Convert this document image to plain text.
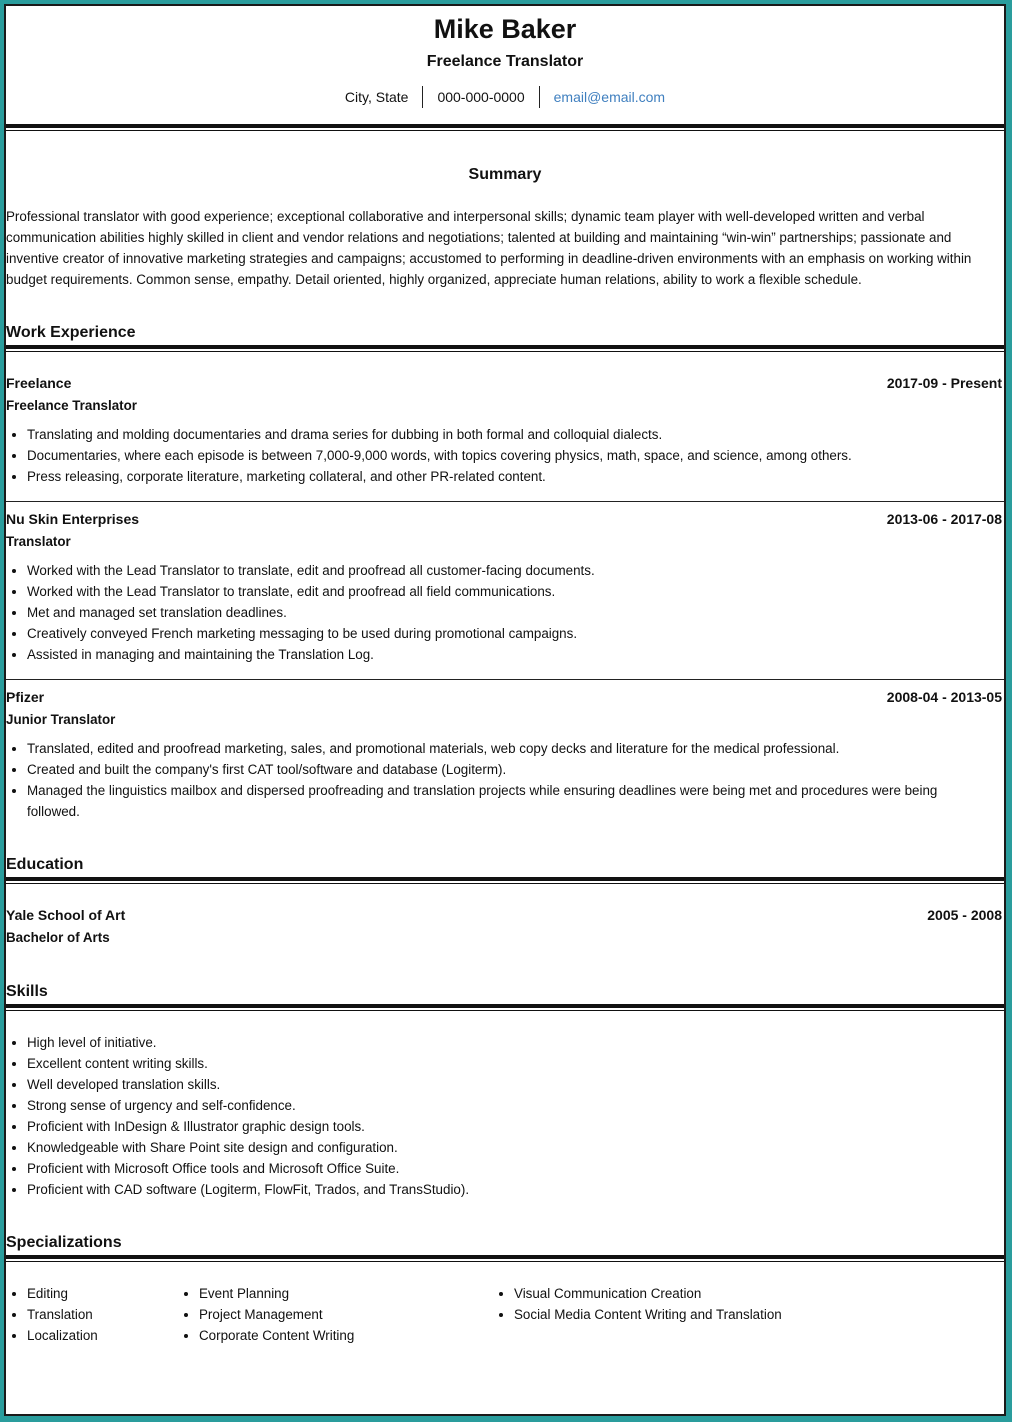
Mike Baker
Freelance Translator
City, State	000-000-0000	email@email.com
Summary
Professional translator with good experience; exceptional collaborative and interpersonal skills; dynamic team player with well-developed written and verbal communication abilities highly skilled in client and vendor relations and negotiations; talented at building and maintaining “win-win” partnerships; passionate and inventive creator of innovative marketing strategies and campaigns; accustomed to performing in deadline-driven environments with an emphasis on working within budget requirements. Common sense, empathy. Detail oriented, highly organized, appreciate human relations, ability to work a flexible schedule.
Work Experience
Freelance	2017-09 - Present
Freelance Translator
• Translating and molding documentaries and drama series for dubbing in both formal and colloquial dialects.
• Documentaries, where each episode is between 7,000-9,000 words, with topics covering physics, math, space, and science, among others.
• Press releasing, corporate literature, marketing collateral, and other PR-related content.
Nu Skin Enterprises	2013-06 - 2017-08
Translator
• Worked with the Lead Translator to translate, edit and proofread all customer-facing documents.
• Worked with the Lead Translator to translate, edit and proofread all field communications.
• Met and managed set translation deadlines.
• Creatively conveyed French marketing messaging to be used during promotional campaigns.
• Assisted in managing and maintaining the Translation Log.
Pfizer	2008-04 - 2013-05
Junior Translator
• Translated, edited and proofread marketing, sales, and promotional materials, web copy decks and literature for the medical professional.
• Created and built the company's first CAT tool/software and database (Logiterm).
• Managed the linguistics mailbox and dispersed proofreading and translation projects while ensuring deadlines were being met and procedures were being followed.
Education
Yale School of Art	2005 - 2008
Bachelor of Arts
Skills
• High level of initiative.
• Excellent content writing skills.
• Well developed translation skills.
• Strong sense of urgency and self-confidence.
• Proficient with InDesign & Illustrator graphic design tools.
• Knowledgeable with Share Point site design and configuration.
• Proficient with Microsoft Office tools and Microsoft Office Suite.
• Proficient with CAD software (Logiterm, FlowFit, Trados, and TransStudio).
Specializations
• Editing
• Translation
• Localization
• Event Planning
• Project Management
• Corporate Content Writing
• Visual Communication Creation
• Social Media Content Writing and Translation
